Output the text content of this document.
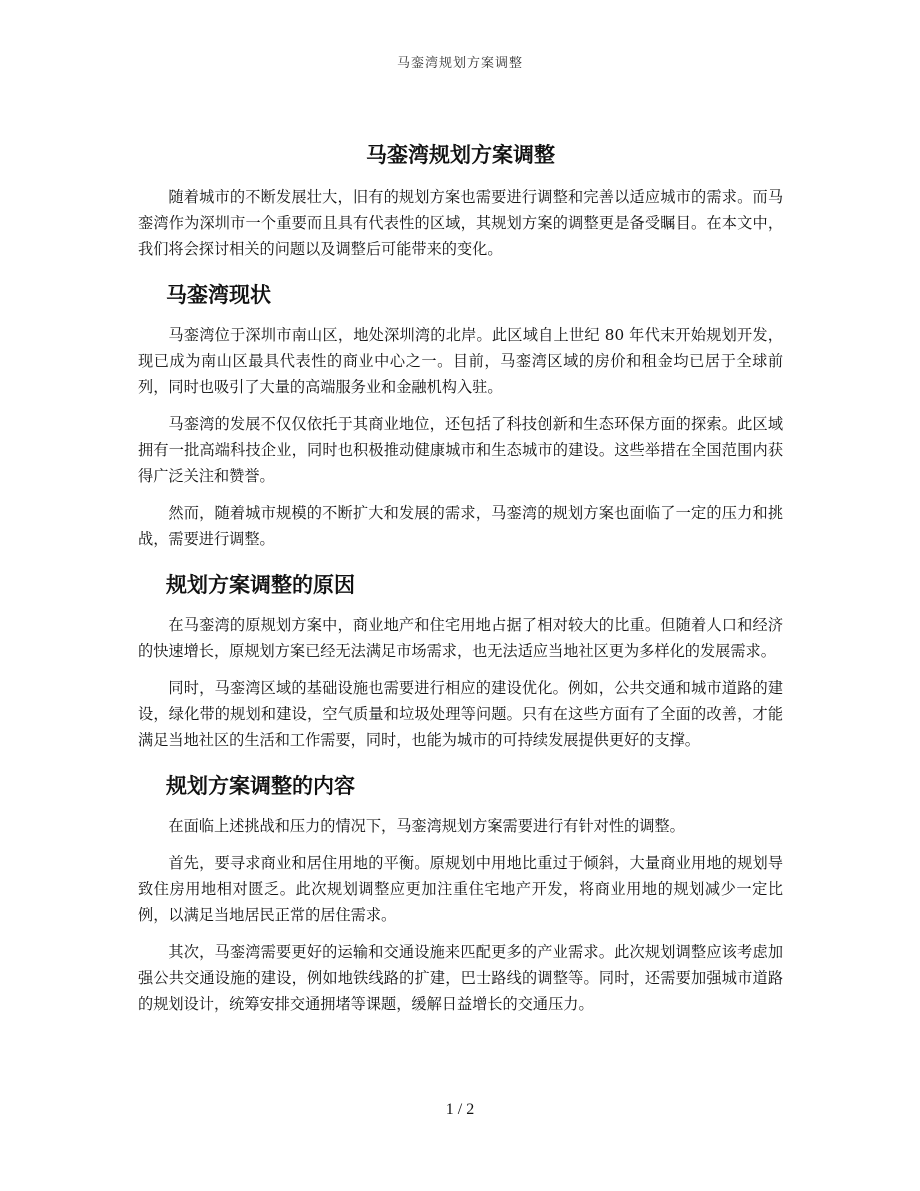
马銮湾规划方案调整
马銮湾规划方案调整

随着城市的不断发展壮大，旧有的规划方案也需要进行调整和完善以适应城市的需求。而马銮湾作为深圳市一个重要而且具有代表性的区域，其规划方案的调整更是备受瞩目。在本文中，我们将会探讨相关的问题以及调整后可能带来的变化。

马銮湾现状

马銮湾位于深圳市南山区，地处深圳湾的北岸。此区域自上世纪 80 年代末开始规划开发，现已成为南山区最具代表性的商业中心之一。目前，马銮湾区域的房价和租金均已居于全球前列，同时也吸引了大量的高端服务业和金融机构入驻。

马銮湾的发展不仅仅依托于其商业地位，还包括了科技创新和生态环保方面的探索。此区域拥有一批高端科技企业，同时也积极推动健康城市和生态城市的建设。这些举措在全国范围内获得广泛关注和赞誉。

然而，随着城市规模的不断扩大和发展的需求，马銮湾的规划方案也面临了一定的压力和挑战，需要进行调整。

规划方案调整的原因

在马銮湾的原规划方案中，商业地产和住宅用地占据了相对较大的比重。但随着人口和经济的快速增长，原规划方案已经无法满足市场需求，也无法适应当地社区更为多样化的发展需求。

同时，马銮湾区域的基础设施也需要进行相应的建设优化。例如，公共交通和城市道路的建设，绿化带的规划和建设，空气质量和垃圾处理等问题。只有在这些方面有了全面的改善，才能满足当地社区的生活和工作需要，同时，也能为城市的可持续发展提供更好的支撑。

规划方案调整的内容

在面临上述挑战和压力的情况下，马銮湾规划方案需要进行有针对性的调整。

首先，要寻求商业和居住用地的平衡。原规划中用地比重过于倾斜，大量商业用地的规划导致住房用地相对匮乏。此次规划调整应更加注重住宅地产开发，将商业用地的规划减少一定比例，以满足当地居民正常的居住需求。

其次，马銮湾需要更好的运输和交通设施来匹配更多的产业需求。此次规划调整应该考虑加强公共交通设施的建设，例如地铁线路的扩建，巴士路线的调整等。同时，还需要加强城市道路的规划设计，统筹安排交通拥堵等课题，缓解日益增长的交通压力。

1 / 2
